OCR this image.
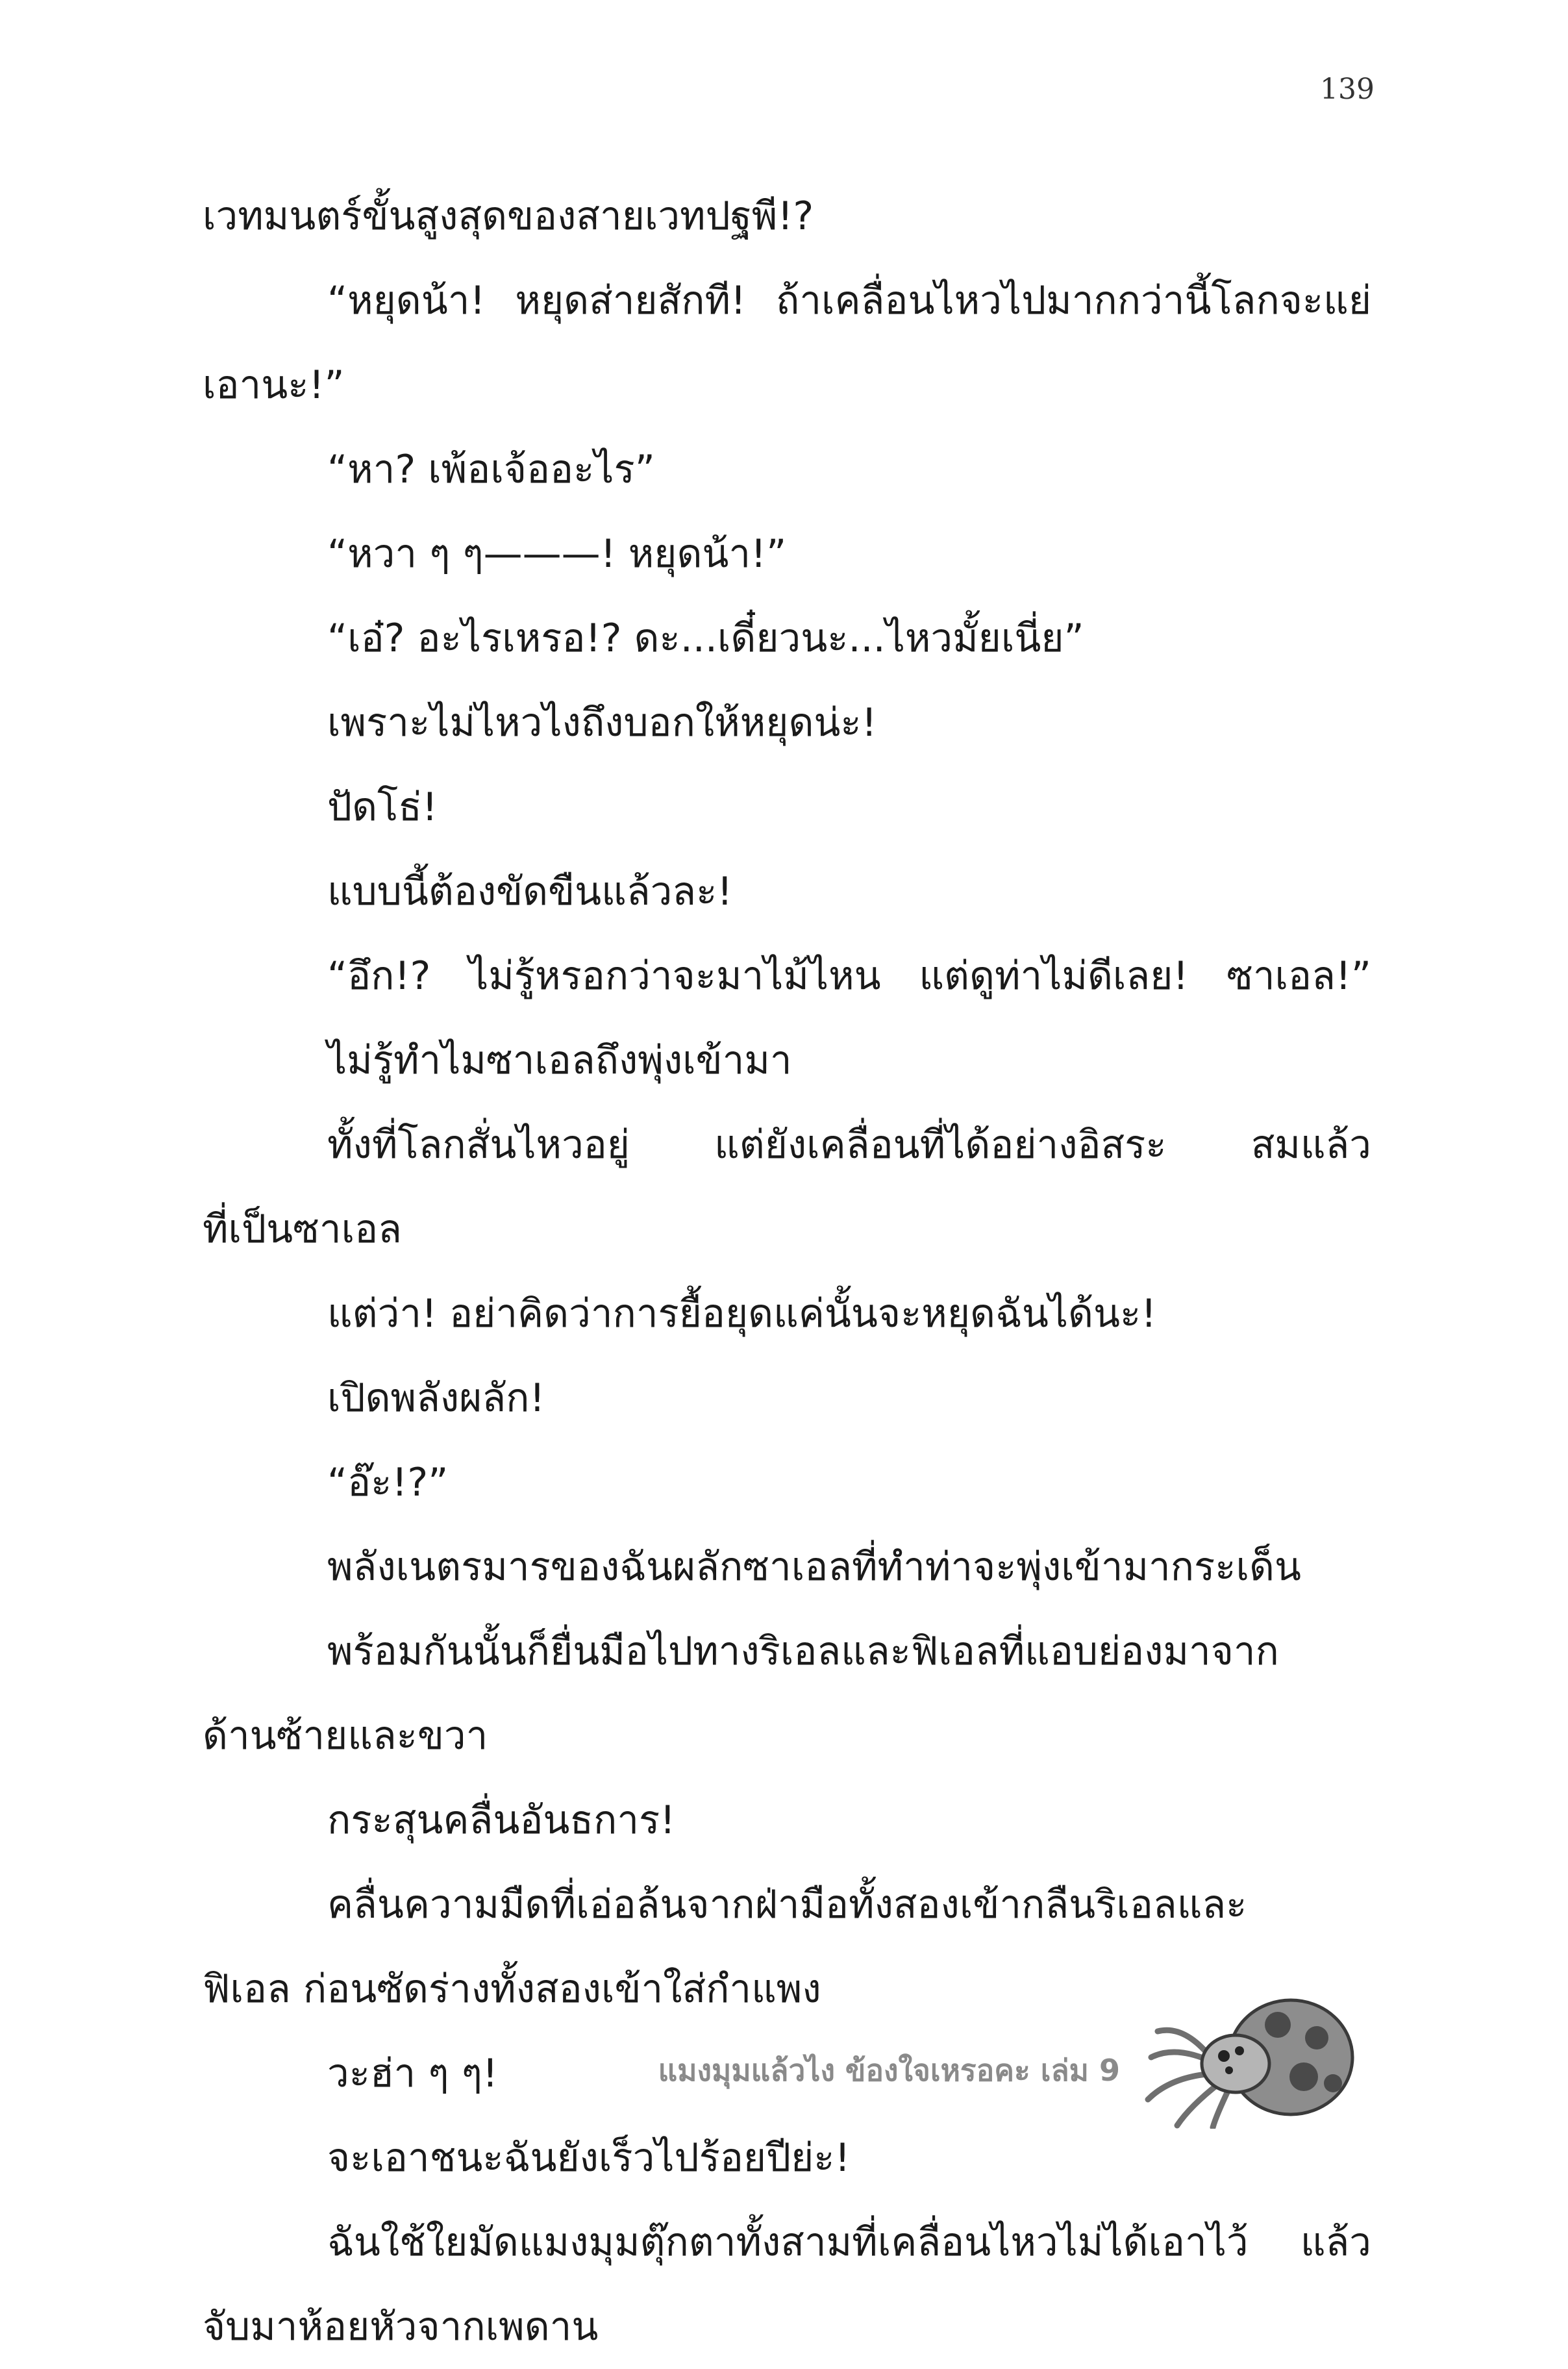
139

เวทมนตร์ขั้นสูงสุดของสายเวทปฐพี!?

“หยุดน้า! หยุดส่ายสักที! ถ้าเคลื่อนไหวไปมากกว่านี้โลกจะแย่

เอานะ!”

“หา? เพ้อเจ้ออะไร”

“หวา ๆ ๆ———! หยุดน้า!”

“เอ๋? อะไรเหรอ!? ดะ...เดี๋ยวนะ...ไหวมั้ยเนี่ย”

เพราะไม่ไหวไงถึงบอกให้หยุดน่ะ!

ปัดโธ่!

แบบนี้ต้องขัดขืนแล้วละ!

“อึก!? ไม่รู้หรอกว่าจะมาไม้ไหน แต่ดูท่าไม่ดีเลย! ซาเอล!”

ไม่รู้ทำไมซาเอลถึงพุ่งเข้ามา

ทั้งที่โลกสั่นไหวอยู่ แต่ยังเคลื่อนที่ได้อย่างอิสระ สมแล้ว

ที่เป็นซาเอล

แต่ว่า! อย่าคิดว่าการยื้อยุดแค่นั้นจะหยุดฉันได้นะ!

เปิดพลังผลัก!

“อ๊ะ!?”

พลังเนตรมารของฉันผลักซาเอลที่ทำท่าจะพุ่งเข้ามากระเด็น

พร้อมกันนั้นก็ยื่นมือไปทางริเอลและฟิเอลที่แอบย่องมาจาก

ด้านซ้ายและขวา

กระสุนคลื่นอันธการ!

คลื่นความมืดที่เอ่อล้นจากฝ่ามือทั้งสองเข้ากลืนริเอลและ

ฟิเอล ก่อนซัดร่างทั้งสองเข้าใส่กำแพง

วะฮ่า ๆ ๆ!

จะเอาชนะฉันยังเร็วไปร้อยปีย่ะ!

ฉันใช้ใยมัดแมงมุมตุ๊กตาทั้งสามที่เคลื่อนไหวไม่ได้เอาไว้ แล้ว

จับมาห้อยหัวจากเพดาน

แมงมุมแล้วไง ข้องใจเหรอคะ เล่ม 9
